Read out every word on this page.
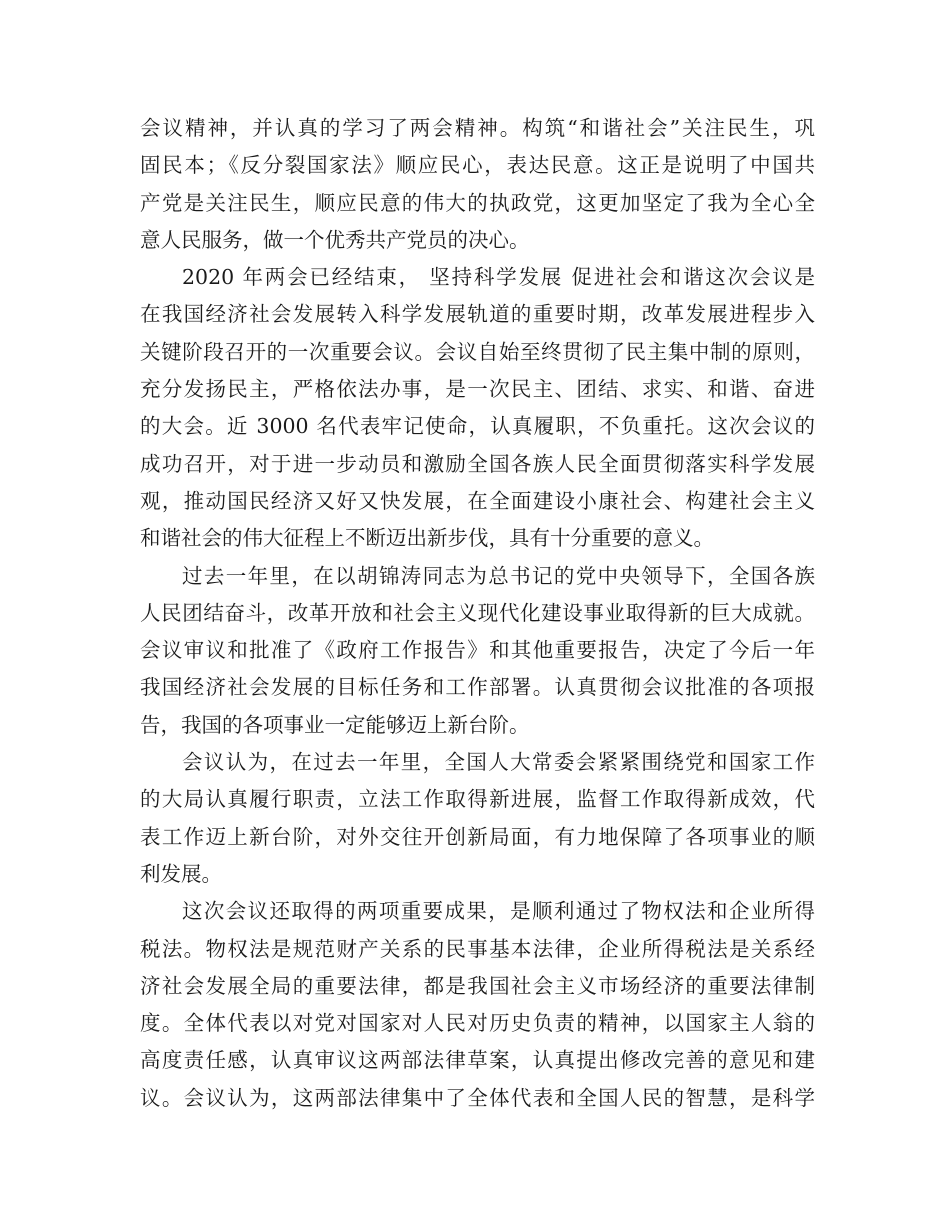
会议精神，并认真的学习了两会精神。构筑“和谐社会”关注民生，巩
固民本；《反分裂国家法》顺应民心，表达民意。这正是说明了中国共
产党是关注民生，顺应民意的伟大的执政党，这更加坚定了我为全心全
意人民服务，做一个优秀共产党员的决心。
2020 年两会已经结束， 坚持科学发展 促进社会和谐这次会议是
在我国经济社会发展转入科学发展轨道的重要时期，改革发展进程步入
关键阶段召开的一次重要会议。会议自始至终贯彻了民主集中制的原则，
充分发扬民主，严格依法办事，是一次民主、团结、求实、和谐、奋进
的大会。近 3000 名代表牢记使命，认真履职，不负重托。这次会议的
成功召开，对于进一步动员和激励全国各族人民全面贯彻落实科学发展
观，推动国民经济又好又快发展，在全面建设小康社会、构建社会主义
和谐社会的伟大征程上不断迈出新步伐，具有十分重要的意义。
过去一年里，在以胡锦涛同志为总书记的党中央领导下，全国各族
人民团结奋斗，改革开放和社会主义现代化建设事业取得新的巨大成就。
会议审议和批准了《政府工作报告》和其他重要报告，决定了今后一年
我国经济社会发展的目标任务和工作部署。认真贯彻会议批准的各项报
告，我国的各项事业一定能够迈上新台阶。
会议认为，在过去一年里，全国人大常委会紧紧围绕党和国家工作
的大局认真履行职责，立法工作取得新进展，监督工作取得新成效，代
表工作迈上新台阶，对外交往开创新局面，有力地保障了各项事业的顺
利发展。
这次会议还取得的两项重要成果，是顺利通过了物权法和企业所得
税法。物权法是规范财产关系的民事基本法律，企业所得税法是关系经
济社会发展全局的重要法律，都是我国社会主义市场经济的重要法律制
度。全体代表以对党对国家对人民对历史负责的精神，以国家主人翁的
高度责任感，认真审议这两部法律草案，认真提出修改完善的意见和建
议。会议认为，这两部法律集中了全体代表和全国人民的智慧，是科学
